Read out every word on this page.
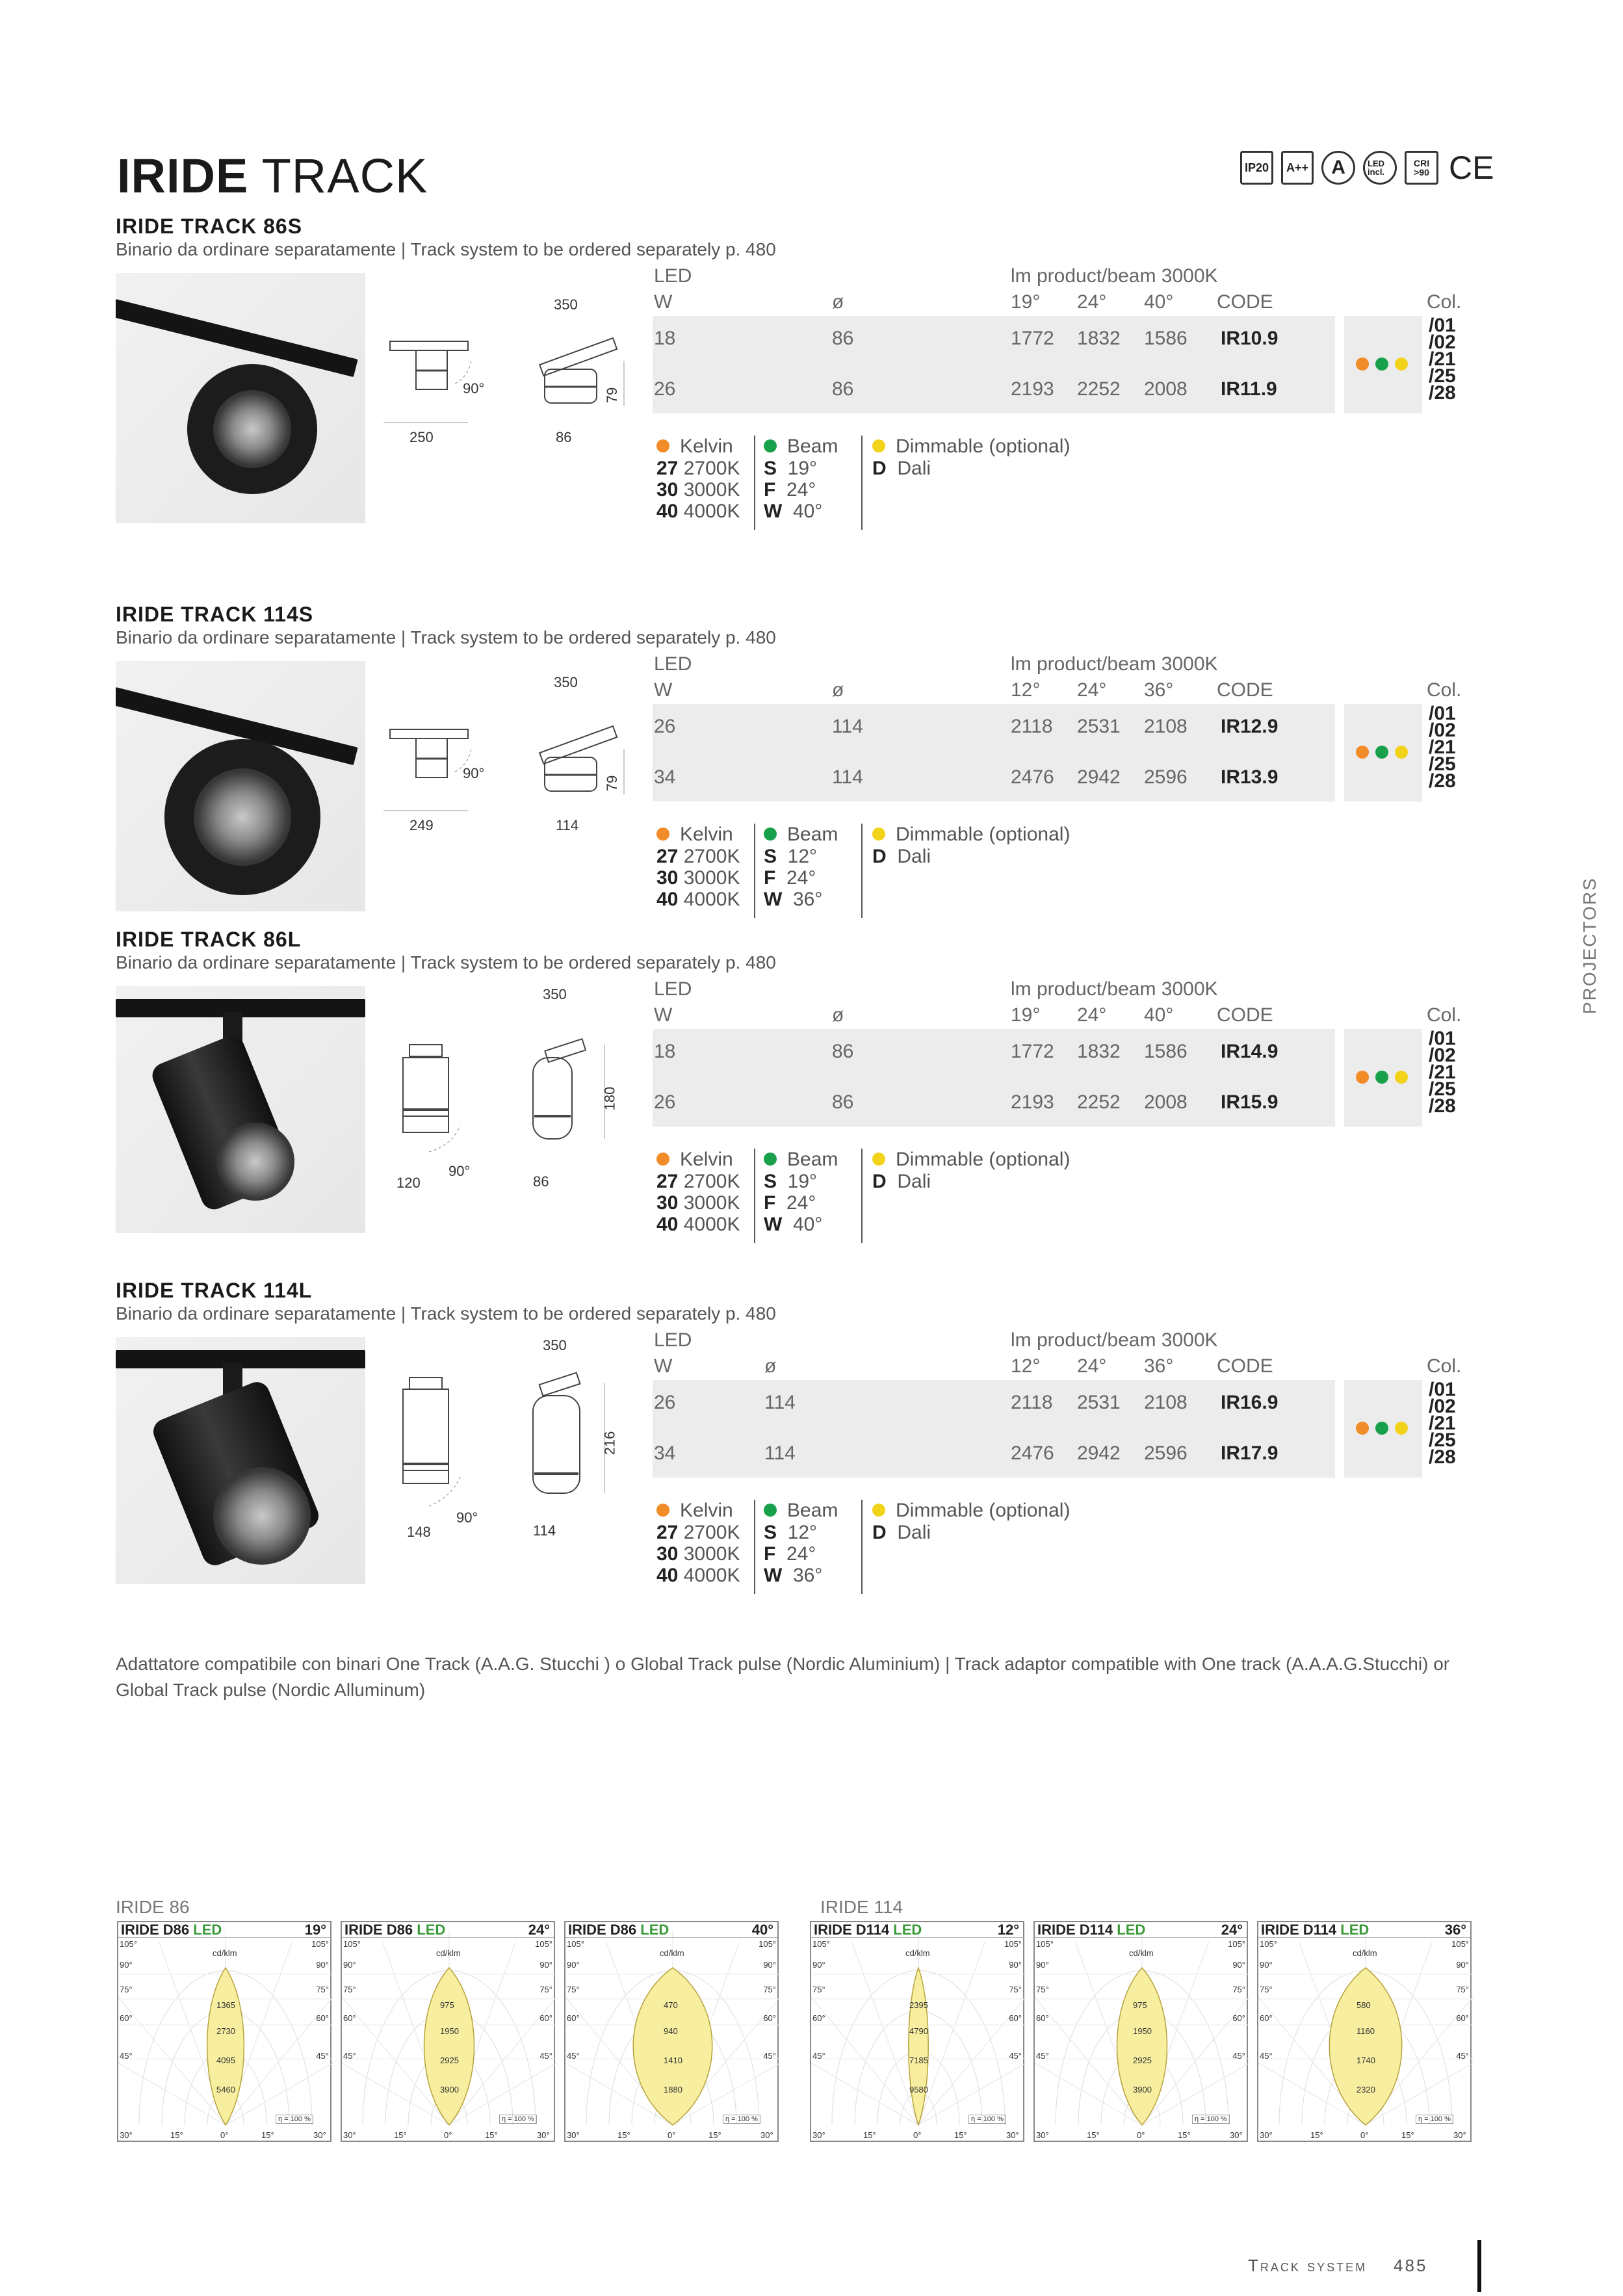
IRIDE TRACK	IP20	A++	A	LED incl.
CRI >90 CE
IRIDE TRACK 86S
Binario da ordinare separatamente | Track system to be ordered separately p. 480
350
79
250	86
90°
LED	lm product/beam 3000K
W	ø	19° 24° 40° CODE	Col.
18	86	1772 1832 1586 IR10.9
26	86	2193 2252 2008 IR11.9
/01
/02
/21
/25
/28
Kelvin
27 2700K
30 3000K
40 4000K
Beam
S 19°
F 24°
W 40°
Dimmable (optional)
D Dali
IRIDE TRACK 114S
Binario da ordinare separatamente | Track system to be ordered separately p. 480
350
79
249	114
90°
LED	lm product/beam 3000K
W	ø	12° 24° 36° CODE	Col.
26	114	2118 2531 2108 IR12.9
34	114	2476 2942 2596 IR13.9
/01
/02
/21
/25
/28
Kelvin
27 2700K
30 3000K
40 4000K
Beam
S 12°
F 24°
W 36°
Dimmable (optional)
D Dali
IRIDE TRACK 86L
Binario da ordinare separatamente | Track system to be ordered separately p. 480
350
180
120	86
90°
LED	lm product/beam 3000K
W	ø	19° 24° 40° CODE	Col.
18	86	1772 1832 1586 IR14.9
26	86	2193 2252 2008 IR15.9
/01
/02
/21
/25
/28
Kelvin
27 2700K
30 3000K
40 4000K
Beam
S 19°
F 24°
W 40°
Dimmable (optional)
D Dali
IRIDE TRACK 114L
Binario da ordinare separatamente | Track system to be ordered separately p. 480
350
216
148	114
90°
LED	lm product/beam 3000K
W	ø	12° 24° 36° CODE	Col.
26	114	2118 2531 2108 IR16.9
34	114	2476 2942 2596 IR17.9
/01
/02
/21
/25
/28
Kelvin
27 2700K
30 3000K
40 4000K
Beam
S 12°
F 24°
W 36°
Dimmable (optional)
D Dali
Adattatore compatibile con binari One Track (A.A.G. Stucchi ) o Global Track pulse (Nordic Aluminium) | Track adaptor compatible with One track (A.A.A.G.Stucchi) or Global Track pulse (Nordic Alluminum)
IRIDE 86	IRIDE 114
IRIDE D86 LED	19°
cd/klm
105°	105°
90°	90°
75°	75°
60°	60°
45°	45°
30°	15°	0°	15°	30°
1365
2730
4095
5460
η = 100 %
IRIDE D86 LED	24°
cd/klm
105°	105°
90°	90°
75°	75°
60°	60°
45°	45°
30°	15°	0°	15°	30°
975
1950
2925
3900
η = 100 %
IRIDE D86 LED	40°
cd/klm
105°	105°
90°	90°
75°	75°
60°	60°
45°	45°
30°	15°	0°	15°	30°
470
940
1410
1880
η = 100 %
IRIDE D114 LED	12°
cd/klm
105°	105°
90°	90°
75°	75°
60°	60°
45°	45°
30°	15°	0°	15°	30°
2395
4790
7185
9580
η = 100 %
IRIDE D114 LED	24°
cd/klm
105°	105°
90°	90°
75°	75°
60°	60°
45°	45°
30°	15°	0°	15°	30°
975
1950
2925
3900
η = 100 %
IRIDE D114 LED	36°
cd/klm
105°	105°
90°	90°
75°	75°
60°	60°
45°	45°
30°	15°	0°	15°	30°
580
1160
1740
2320
η = 100 %
PROJECTORS
Track system 485
